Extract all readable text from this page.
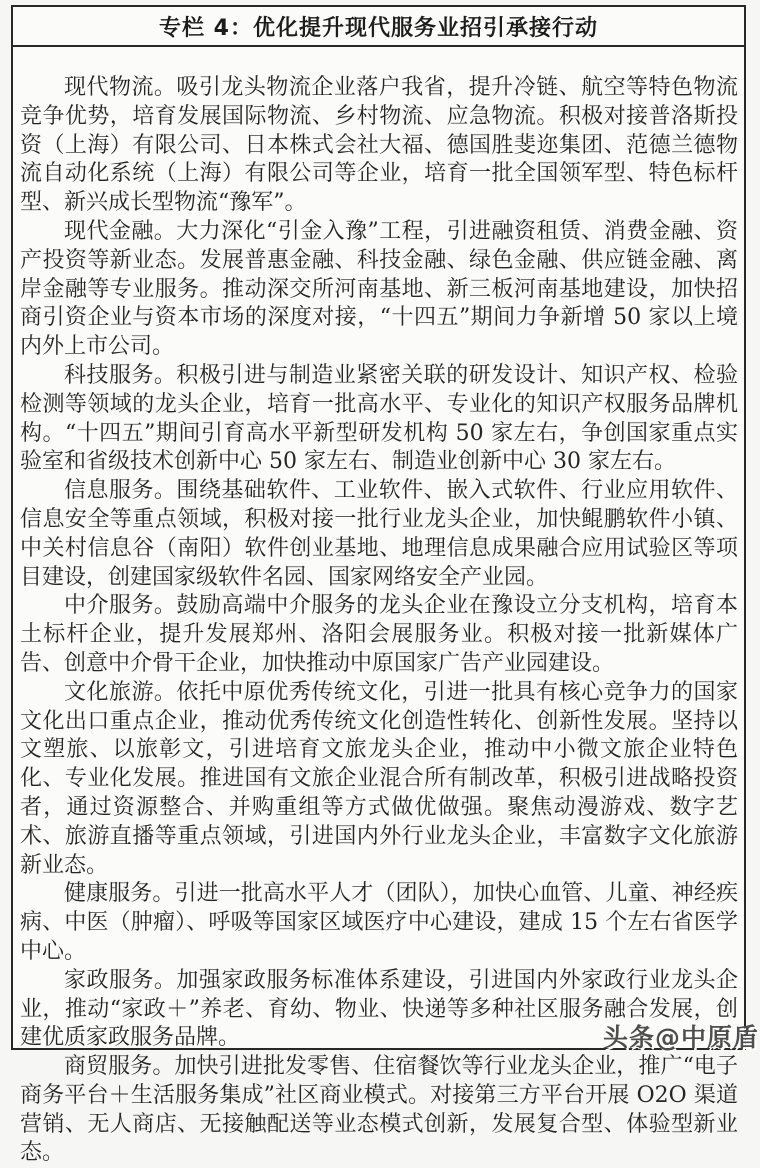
专栏 4：优化提升现代服务业招引承接行动

现代物流。吸引龙头物流企业落户我省，提升冷链、航空等特色物流竞争优势，培育发展国际物流、乡村物流、应急物流。积极对接普洛斯投资（上海）有限公司、日本株式会社大福、德国胜斐迩集团、范德兰德物流自动化系统（上海）有限公司等企业，培育一批全国领军型、特色标杆型、新兴成长型物流“豫军”。

现代金融。大力深化“引金入豫”工程，引进融资租赁、消费金融、资产投资等新业态。发展普惠金融、科技金融、绿色金融、供应链金融、离岸金融等专业服务。推动深交所河南基地、新三板河南基地建设，加快招商引资企业与资本市场的深度对接，“十四五”期间力争新增 50 家以上境内外上市公司。

科技服务。积极引进与制造业紧密关联的研发设计、知识产权、检验检测等领域的龙头企业，培育一批高水平、专业化的知识产权服务品牌机构。“十四五”期间引育高水平新型研发机构 50 家左右，争创国家重点实验室和省级技术创新中心 50 家左右、制造业创新中心 30 家左右。

信息服务。围绕基础软件、工业软件、嵌入式软件、行业应用软件、信息安全等重点领域，积极对接一批行业龙头企业，加快鲲鹏软件小镇、中关村信息谷（南阳）软件创业基地、地理信息成果融合应用试验区等项目建设，创建国家级软件名园、国家网络安全产业园。

中介服务。鼓励高端中介服务的龙头企业在豫设立分支机构，培育本土标杆企业，提升发展郑州、洛阳会展服务业。积极对接一批新媒体广告、创意中介骨干企业，加快推动中原国家广告产业园建设。

文化旅游。依托中原优秀传统文化，引进一批具有核心竞争力的国家文化出口重点企业，推动优秀传统文化创造性转化、创新性发展。坚持以文塑旅、以旅彰文，引进培育文旅龙头企业，推动中小微文旅企业特色化、专业化发展。推进国有文旅企业混合所有制改革，积极引进战略投资者，通过资源整合、并购重组等方式做优做强。聚焦动漫游戏、数字艺术、旅游直播等重点领域，引进国内外行业龙头企业，丰富数字文化旅游新业态。

健康服务。引进一批高水平人才（团队），加快心血管、儿童、神经疾病、中医（肿瘤）、呼吸等国家区域医疗中心建设，建成 15 个左右省医学中心。

家政服务。加强家政服务标准体系建设，引进国内外家政行业龙头企业，推动“家政＋”养老、育幼、物业、快递等多种社区服务融合发展，创建优质家政服务品牌。

商贸服务。加快引进批发零售、住宿餐饮等行业龙头企业，推广“电子商务平台＋生活服务集成”社区商业模式。对接第三方平台开展 O2O 渠道营销、无人商店、无接触配送等业态模式创新，发展复合型、体验型新业态。

头条@中原盾
